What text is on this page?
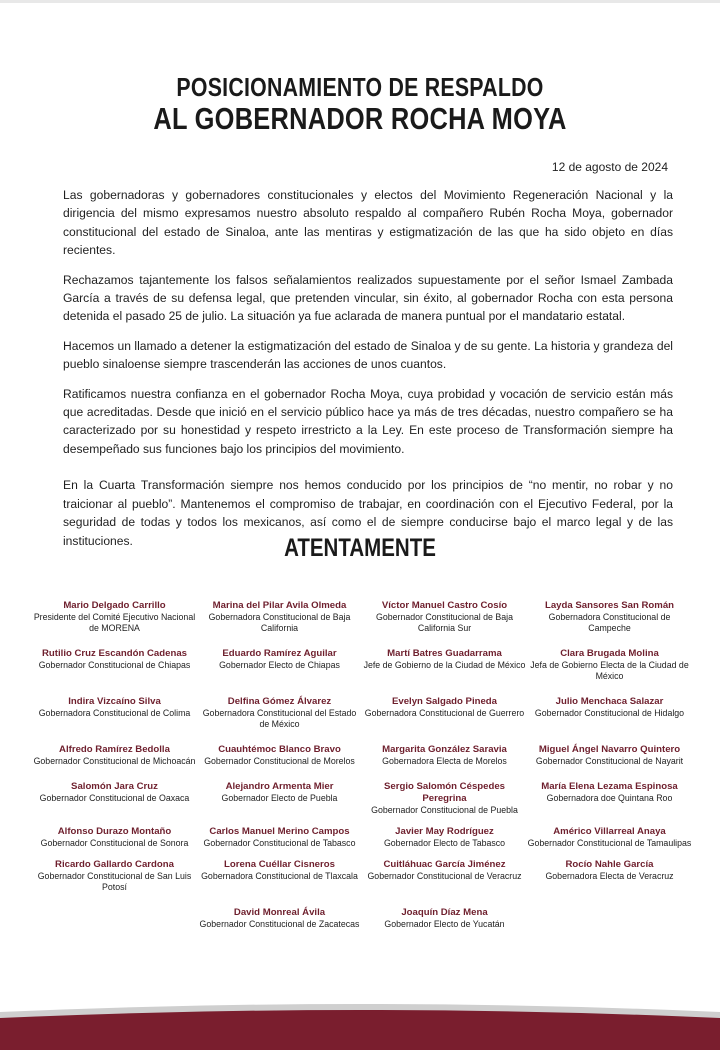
POSICIONAMIENTO DE RESPALDO
AL GOBERNADOR ROCHA MOYA
12 de agosto de 2024

Las gobernadoras y gobernadores constitucionales y electos del Movimiento Regeneración Nacional y la dirigencia del mismo expresamos nuestro absoluto respaldo al compañero Rubén Rocha Moya, gobernador constitucional del estado de Sinaloa, ante las mentiras y estigmatización de las que ha sido objeto en días recientes.

Rechazamos tajantemente los falsos señalamientos realizados supuestamente por el señor Ismael Zambada García a través de su defensa legal, que pretenden vincular, sin éxito, al gobernador Rocha con esta persona detenida el pasado 25 de julio. La situación ya fue aclarada de manera puntual por el mandatario estatal.

Hacemos un llamado a detener la estigmatización del estado de Sinaloa y de su gente. La historia y grandeza del pueblo sinaloense siempre trascenderán las acciones de unos cuantos.

Ratificamos nuestra confianza en el gobernador Rocha Moya, cuya probidad y vocación de servicio están más que acreditadas. Desde que inició en el servicio público hace ya más de tres décadas, nuestro compañero se ha caracterizado por su honestidad y respeto irrestricto a la Ley. En este proceso de Transformación siempre ha desempeñado sus funciones bajo los principios del movimiento.

En la Cuarta Transformación siempre nos hemos conducido por los principios de “no mentir, no robar y no traicionar al pueblo”. Mantenemos el compromiso de trabajar, en coordinación con el Ejecutivo Federal, por la seguridad de todas y todos los mexicanos, así como el de siempre conducirse bajo el marco legal y de las instituciones.	ATENTAMENTE
Mario Delgado Carrillo
Presidente del Comité Ejecutivo Nacional de MORENA
Marina del Pilar Avila Olmeda
Gobernadora Constitucional de Baja California
Víctor Manuel Castro Cosío
Gobernador Constitucional de Baja California Sur
Layda Sansores San Román
Gobernadora Constitucional de Campeche
Rutilio Cruz Escandón Cadenas
Gobernador Constitucional de Chiapas
Eduardo Ramírez Aguilar
Gobernador Electo de Chiapas
Martí Batres Guadarrama
Jefe de Gobierno de la Ciudad de México
Clara Brugada Molina
Jefa de Gobierno Electa de la Ciudad de México
Indira Vizcaíno Silva
Gobernadora Constitucional de Colima
Delfina Gómez Álvarez
Gobernadora Constitucional del Estado de México
Evelyn Salgado Pineda
Gobernadora Constitucional de Guerrero
Julio Menchaca Salazar
Gobernador Constitucional de Hidalgo
Alfredo Ramírez Bedolla
Gobernador Constitucional de Michoacán
Cuauhtémoc Blanco Bravo
Gobernador Constitucional de Morelos
Margarita González Saravia
Gobernadora Electa de Morelos
Miguel Ángel Navarro Quintero
Gobernador Constitucional de Nayarit
Salomón Jara Cruz
Gobernador Constitucional de Oaxaca
Alejandro Armenta Mier
Gobernador Electo de Puebla
Sergio Salomón Céspedes Peregrina
Gobernador Constitucional de Puebla
María Elena Lezama Espinosa
Gobernadora doe Quintana Roo
Alfonso Durazo Montaño
Gobernador Constitucional de Sonora
Carlos Manuel Merino Campos
Gobernador Constitucional de Tabasco
Javier May Rodríguez
Gobernador Electo de Tabasco
Américo Villarreal Anaya
Gobernador Constitucional de Tamaulipas
Ricardo Gallardo Cardona
Gobernador Constitucional de San Luis Potosí
Lorena Cuéllar Cisneros
Gobernadora Constitucional de Tlaxcala
Cuitláhuac García Jiménez
Gobernador Constitucional de Veracruz
Rocío Nahle García
Gobernadora Electa de Veracruz
David Monreal Ávila
Gobernador Constitucional de Zacatecas
Joaquín Díaz Mena
Gobernador Electo de Yucatán
